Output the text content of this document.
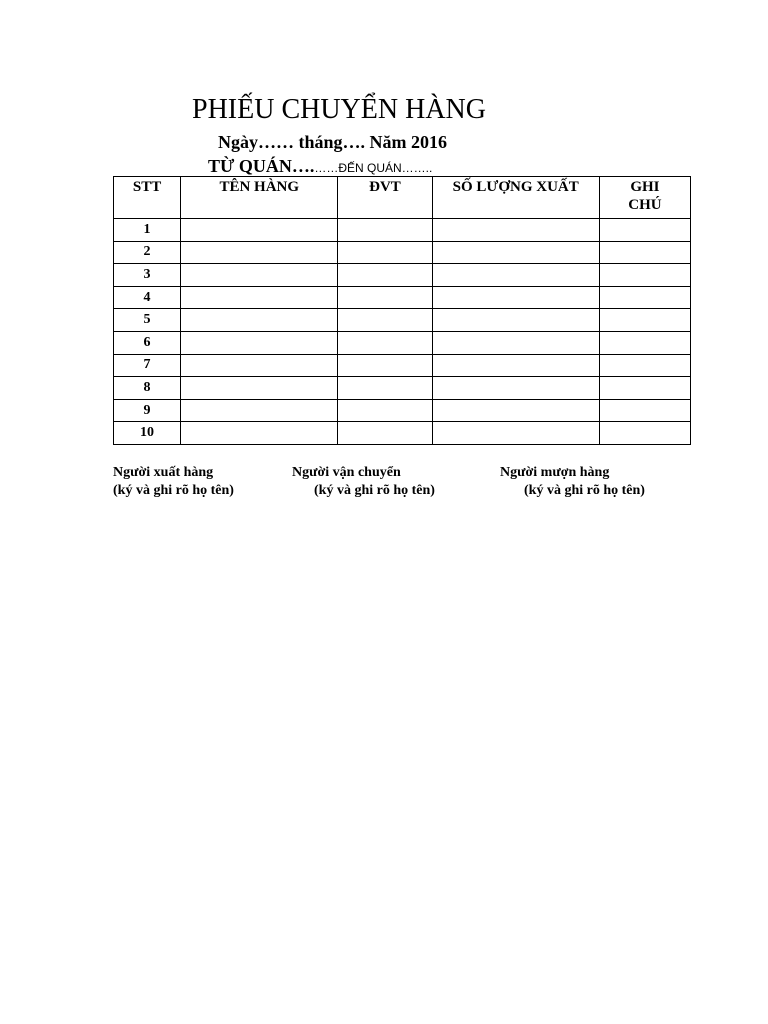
PHIẾU CHUYỂN HÀNG
Ngày…… tháng…. Năm 2016
TỪ QUÁN….……ĐẾN QUÁN……..
STT	TÊN HÀNG	ĐVT	SỐ LƯỢNG XUẤT	GHI CHÚ
1				
2				
3				
4				
5				
6				
7				
8				
9				
10				
Người xuất hàng
(ký và ghi rõ họ tên)
Người vận chuyển
(ký và ghi rõ họ tên)
Người mượn hàng
(ký và ghi rõ họ tên)
